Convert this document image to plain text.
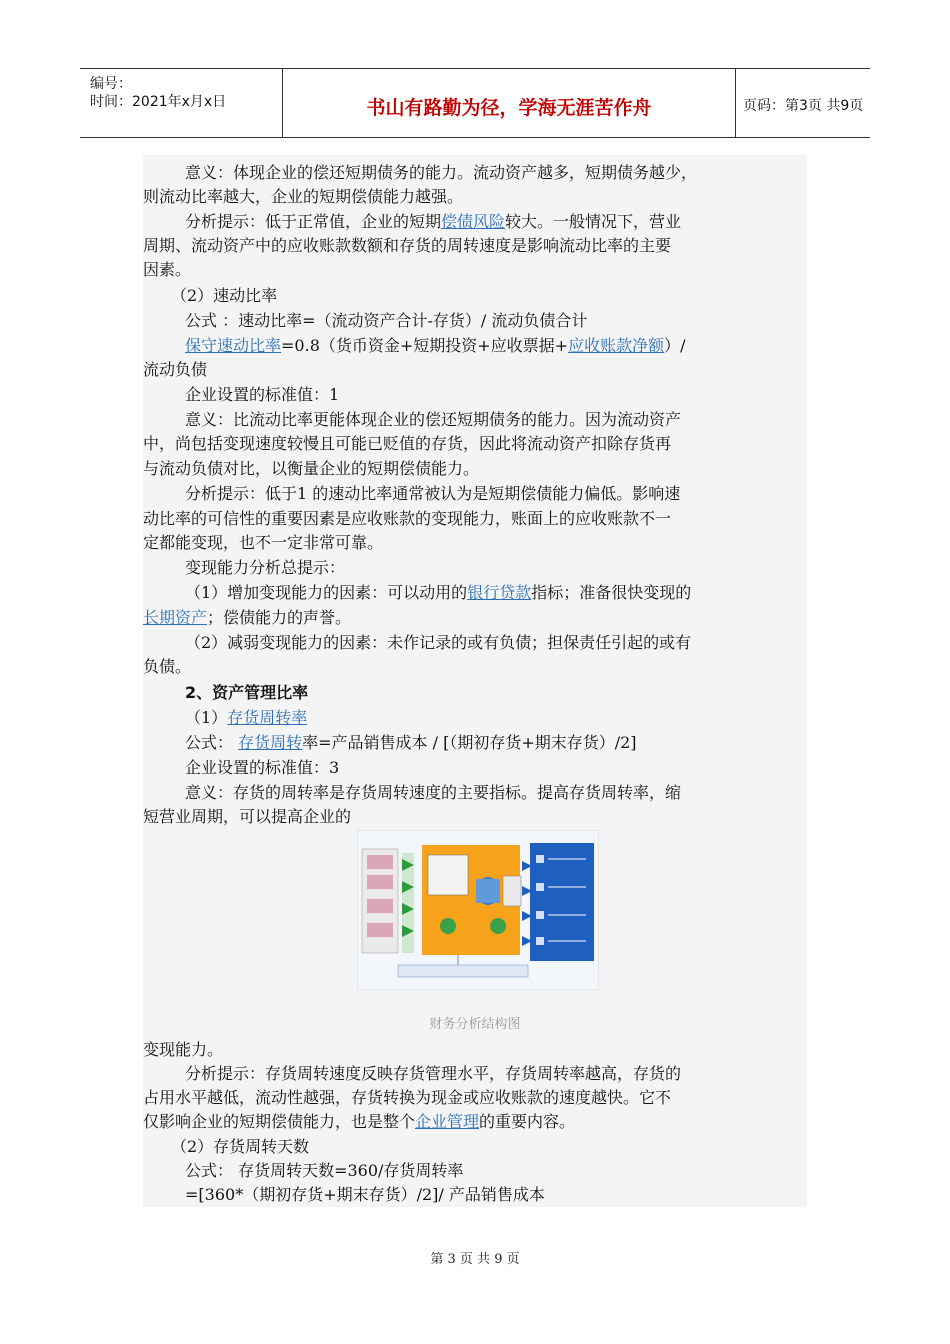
编号：
时间：2021年x月x日	书山有路勤为径，学海无涯苦作舟	页码：第3页 共9页
意义：体现企业的偿还短期债务的能力。流动资产越多，短期债务越少，
则流动比率越大，企业的短期偿债能力越强。
分析提示：低于正常值，企业的短期偿债风险较大。一般情况下，营业
周期、流动资产中的应收账款数额和存货的周转速度是影响流动比率的主要
因素。
（2）速动比率
公式 ：速动比率=（流动资产合计-存货）/ 流动负债合计
保守速动比率=0.8（货币资金+短期投资+应收票据+应收账款净额）/
流动负债
企业设置的标准值：1
意义：比流动比率更能体现企业的偿还短期债务的能力。因为流动资产
中，尚包括变现速度较慢且可能已贬值的存货，因此将流动资产扣除存货再
与流动负债对比，以衡量企业的短期偿债能力。
分析提示：低于1 的速动比率通常被认为是短期偿债能力偏低。影响速
动比率的可信性的重要因素是应收账款的变现能力，账面上的应收账款不一
定都能变现，也不一定非常可靠。
变现能力分析总提示：
（1）增加变现能力的因素：可以动用的银行贷款指标；准备很快变现的
长期资产；偿债能力的声誉。
（2）减弱变现能力的因素：未作记录的或有负债；担保责任引起的或有
负债。
2、资产管理比率
（1）存货周转率
公式： 存货周转率=产品销售成本 / [（期初存货+期末存货）/2]
企业设置的标准值：3
意义：存货的周转率是存货周转速度的主要指标。提高存货周转率，缩
短营业周期，可以提高企业的
财务分析结构图
变现能力。
分析提示：存货周转速度反映存货管理水平，存货周转率越高，存货的
占用水平越低，流动性越强，存货转换为现金或应收账款的速度越快。它不
仅影响企业的短期偿债能力，也是整个企业管理的重要内容。
（2）存货周转天数
公式： 存货周转天数=360/存货周转率
=[360*（期初存货+期末存货）/2]/ 产品销售成本
第 3 页 共 9 页
